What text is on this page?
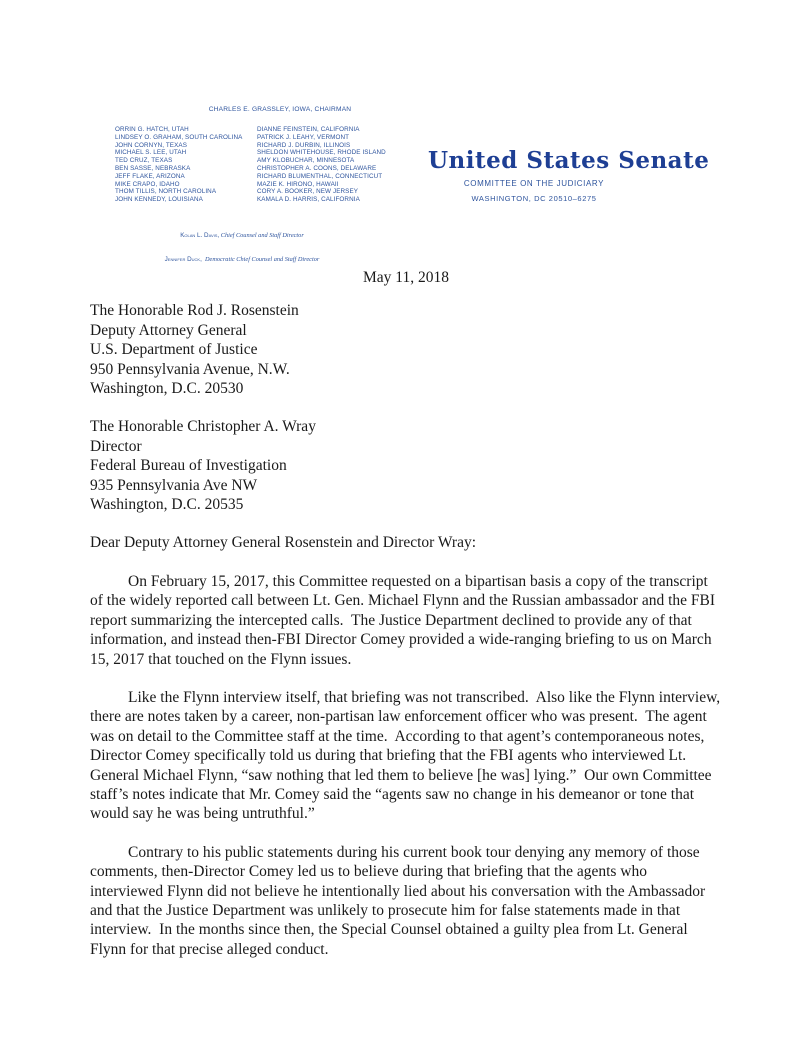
CHARLES E. GRASSLEY, IOWA, CHAIRMAN
ORRIN G. HATCH, UTAH
LINDSEY O. GRAHAM, SOUTH CAROLINA
JOHN CORNYN, TEXAS
MICHAEL S. LEE, UTAH
TED CRUZ, TEXAS
BEN SASSE, NEBRASKA
JEFF FLAKE, ARIZONA
MIKE CRAPO, IDAHO
THOM TILLIS, NORTH CAROLINA
JOHN KENNEDY, LOUISIANA
DIANNE FEINSTEIN, CALIFORNIA
PATRICK J. LEAHY, VERMONT
RICHARD J. DURBIN, ILLINOIS
SHELDON WHITEHOUSE, RHODE ISLAND
AMY KLOBUCHAR, MINNESOTA
CHRISTOPHER A. COONS, DELAWARE
RICHARD BLUMENTHAL, CONNECTICUT
MAZIE K. HIRONO, HAWAII
CORY A. BOOKER, NEW JERSEY
KAMALA D. HARRIS, CALIFORNIA

Kolan L. Davis, Chief Counsel and Staff Director

Jennifer Duck,  Democratic Chief Counsel and Staff Director

United States Senate
COMMITTEE ON THE JUDICIARY
WASHINGTON, DC 20510–6275

May 11, 2018

The Honorable Rod J. Rosenstein
Deputy Attorney General
U.S. Department of Justice
950 Pennsylvania Avenue, N.W.
Washington, D.C. 20530
The Honorable Christopher A. Wray
Director
Federal Bureau of Investigation
935 Pennsylvania Ave NW
Washington, D.C. 20535

Dear Deputy Attorney General Rosenstein and Director Wray:

On February 15, 2017, this Committee requested on a bipartisan basis a copy of the transcript of the widely reported call between Lt. Gen. Michael Flynn and the Russian ambassador and the FBI report summarizing the intercepted calls.  The Justice Department declined to provide any of that information, and instead then-FBI Director Comey provided a wide-ranging briefing to us on March 15, 2017 that touched on the Flynn issues.

Like the Flynn interview itself, that briefing was not transcribed.  Also like the Flynn interview, there are notes taken by a career, non-partisan law enforcement officer who was present.  The agent was on detail to the Committee staff at the time.  According to that agent’s contemporaneous notes, Director Comey specifically told us during that briefing that the FBI agents who interviewed Lt. General Michael Flynn, “saw nothing that led them to believe [he was] lying.”  Our own Committee staff’s notes indicate that Mr. Comey said the “agents saw no change in his demeanor or tone that would say he was being untruthful.”

Contrary to his public statements during his current book tour denying any memory of those comments, then-Director Comey led us to believe during that briefing that the agents who interviewed Flynn did not believe he intentionally lied about his conversation with the Ambassador and that the Justice Department was unlikely to prosecute him for false statements made in that interview.  In the months since then, the Special Counsel obtained a guilty plea from Lt. General Flynn for that precise alleged conduct.
